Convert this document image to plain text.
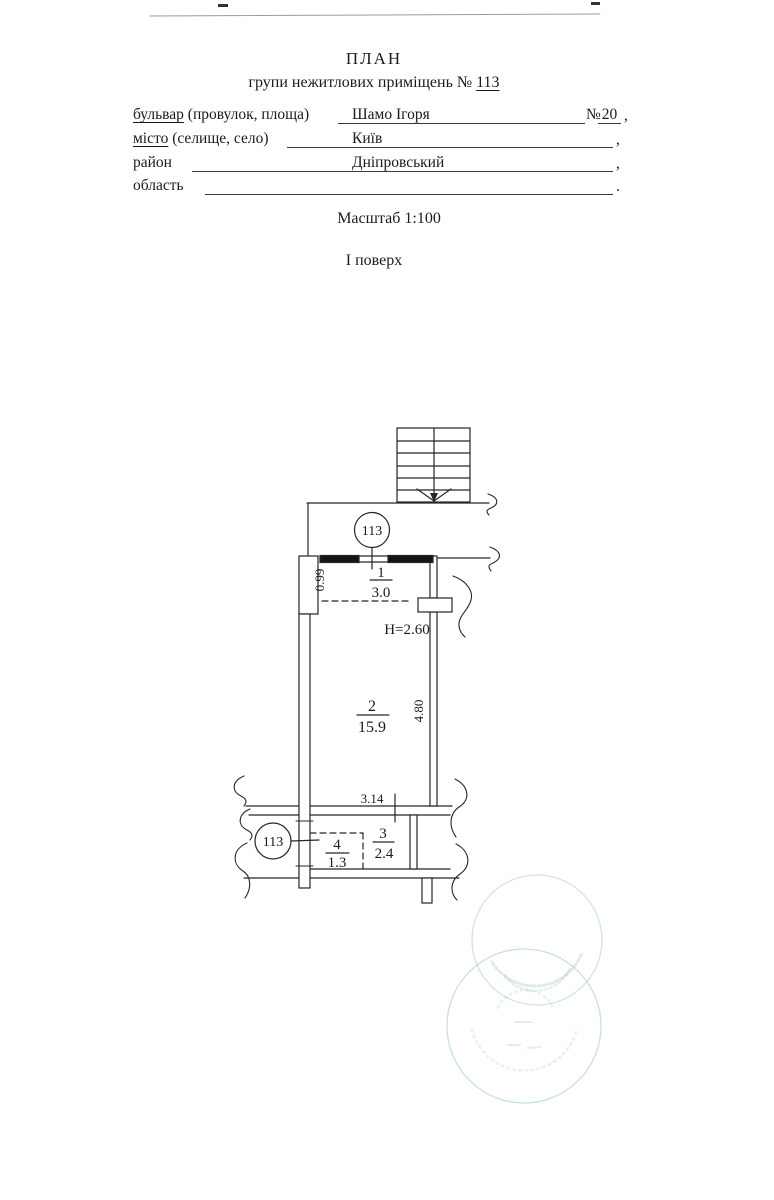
ПЛАН
групи нежитлових приміщень № 113
бульвар (провулок, площа)	Шамо Ігоря	№ 20 ,
місто (селище, село)	Київ	,
район	Дніпровський	,
область	.
Масштаб 1:100
І поверх
113
113
1
3.0
Н=2.60
2
15.9
3
2.4
4
1.3
3.14
0.99
4.80
